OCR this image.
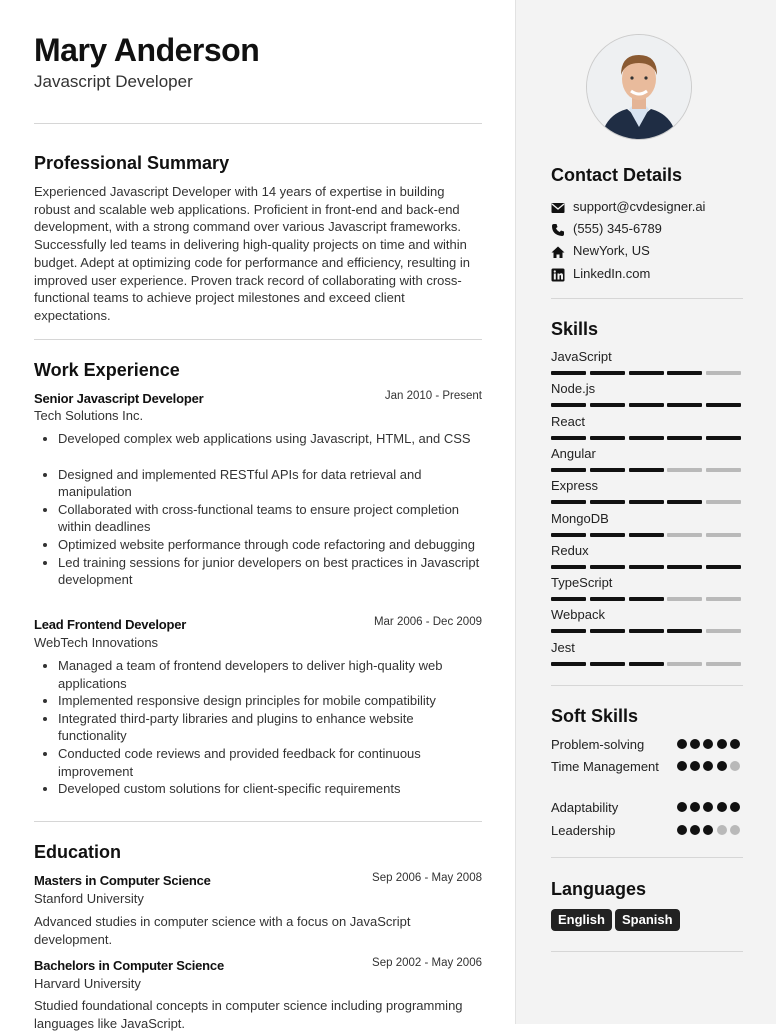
Mary Anderson
Javascript Developer
Professional Summary
Experienced Javascript Developer with 14 years of expertise in building robust and scalable web applications. Proficient in front-end and back-end development, with a strong command over various Javascript frameworks. Successfully led teams in delivering high-quality projects on time and within budget. Adept at optimizing code for performance and efficiency, resulting in improved user experience. Proven track record of collaborating with cross-functional teams to achieve project milestones and exceed client expectations.
Work Experience
Senior Javascript Developer	Jan 2010 - Present
Tech Solutions Inc.
Developed complex web applications using Javascript, HTML, and CSS
Designed and implemented RESTful APIs for data retrieval and manipulation
Collaborated with cross-functional teams to ensure project completion within deadlines
Optimized website performance through code refactoring and debugging
Led training sessions for junior developers on best practices in Javascript development
Lead Frontend Developer	Mar 2006 - Dec 2009
WebTech Innovations
Managed a team of frontend developers to deliver high-quality web applications
Implemented responsive design principles for mobile compatibility
Integrated third-party libraries and plugins to enhance website functionality
Conducted code reviews and provided feedback for continuous improvement
Developed custom solutions for client-specific requirements
Education
Masters in Computer Science	Sep 2006 - May 2008
Stanford University
Advanced studies in computer science with a focus on JavaScript development.
Bachelors in Computer Science	Sep 2002 - May 2006
Harvard University
Studied foundational concepts in computer science including programming languages like JavaScript.
Contact Details
support@cvdesigner.ai
(555) 345-6789
NewYork, US
LinkedIn.com
Skills
JavaScript
Node.js
React
Angular
Express
MongoDB
Redux
TypeScript
Webpack
Jest
Soft Skills
Problem-solving
Time Management
Adaptability
Leadership
Languages
English	Spanish
